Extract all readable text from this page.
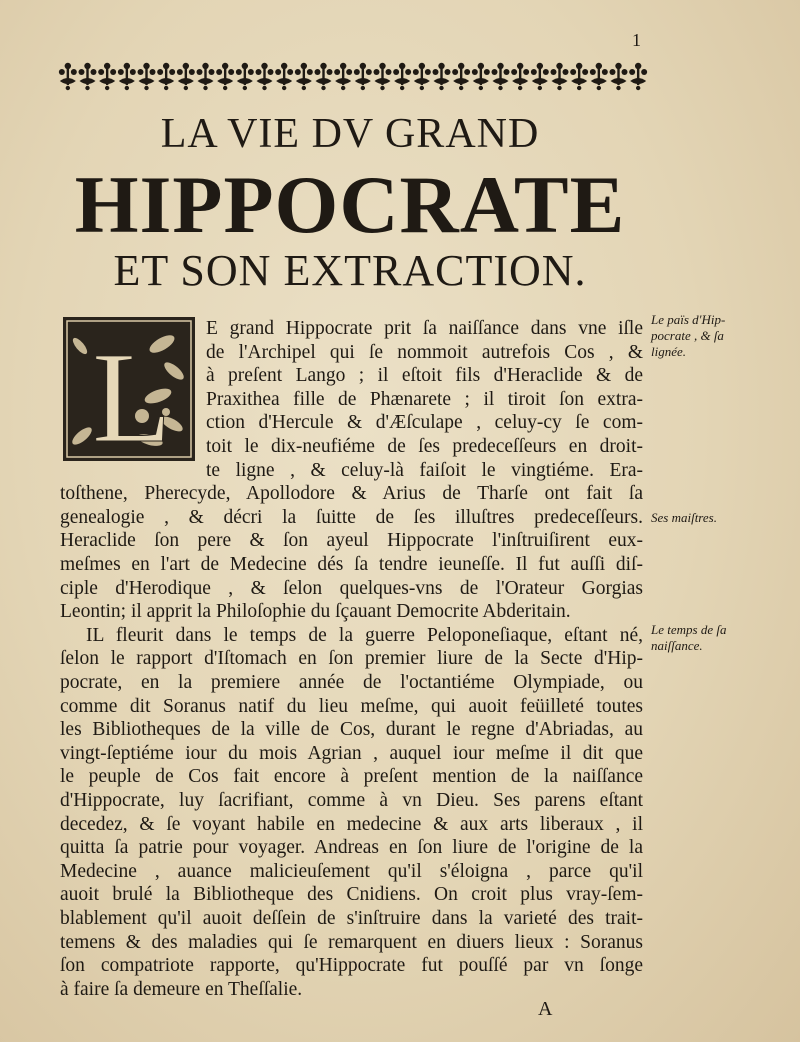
1
LA VIE DV GRAND
HIPPOCRATE
ET SON EXTRACTION.
L E grand Hippocrate prit ſa naiſſance dans vne iſle
de l'Archipel qui ſe nommoit autrefois Cos , &
à preſent Lango ; il eſtoit fils d'Heraclide & de
Praxithea fille de Phænarete ; il tiroit ſon extra-
ction d'Hercule & d'Æſculape , celuy-cy ſe com-
toit le dix-neufiéme de ſes predeceſſeurs en droit-
te ligne , & celuy-là faiſoit le vingtiéme. Era-
toſthene, Pherecyde, Apollodore & Arius de Tharſe ont fait ſa
genealogie , & décri la ſuitte de ſes illuſtres predeceſſeurs.
Heraclide ſon pere & ſon ayeul Hippocrate l'inſtruiſirent eux-
meſmes en l'art de Medecine dés ſa tendre ieuneſſe. Il fut auſſi diſ-
ciple d'Herodique , & ſelon quelques-vns de l'Orateur Gorgias
Leontin; il apprit la Philoſophie du ſçauant Democrite Abderitain.
IL fleurit dans le temps de la guerre Peloponeſiaque, eſtant né,
ſelon le rapport d'Iſtomach en ſon premier liure de la Secte d'Hip-
pocrate, en la premiere année de l'octantiéme Olympiade, ou
comme dit Soranus natif du lieu meſme, qui auoit feüilleté toutes
les Bibliotheques de la ville de Cos, durant le regne d'Abriadas, au
vingt-ſeptiéme iour du mois Agrian , auquel iour meſme il dit que
le peuple de Cos fait encore à preſent mention de la naiſſance
d'Hippocrate, luy ſacrifiant, comme à vn Dieu. Ses parens eſtant
decedez, & ſe voyant habile en medecine & aux arts liberaux , il
quitta ſa patrie pour voyager. Andreas en ſon liure de l'origine de la
Medecine , auance malicieuſement qu'il s'éloigna , parce qu'il
auoit brulé la Bibliotheque des Cnidiens. On croit plus vray-ſem-
blablement qu'il auoit deſſein de s'inſtruire dans la varieté des trait-
temens & des maladies qui ſe remarquent en diuers lieux : Soranus
ſon compatriote rapporte, qu'Hippocrate fut pouſſé par vn ſonge
à faire ſa demeure en Theſſalie.
Le païs d'Hip-
pocrate , & ſa
lignée.
Ses maiſtres.
Le temps de ſa
naiſſance.
A
